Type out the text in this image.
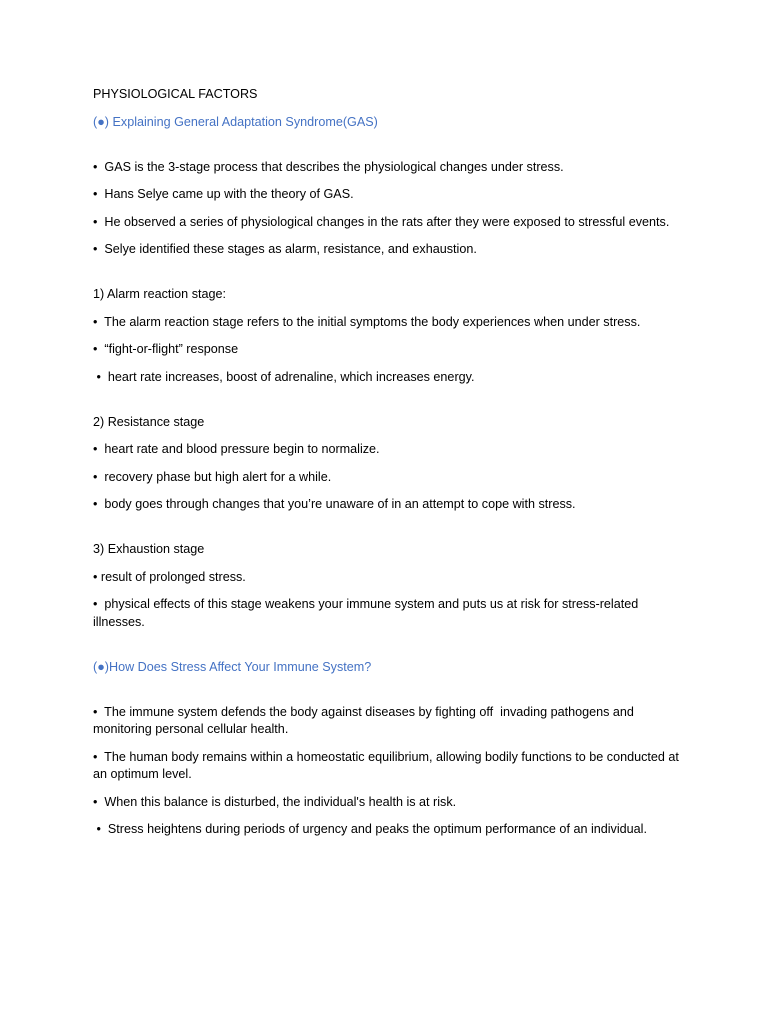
PHYSIOLOGICAL FACTORS

(●) Explaining General Adaptation Syndrome(GAS)

•  GAS is the 3-stage process that describes the physiological changes under stress.

•  Hans Selye came up with the theory of GAS.

•  He observed a series of physiological changes in the rats after they were exposed to stressful events.

•  Selye identified these stages as alarm, resistance, and exhaustion.

1) Alarm reaction stage:

•  The alarm reaction stage refers to the initial symptoms the body experiences when under stress.

•  “fight-or-flight” response

•  heart rate increases, boost of adrenaline, which increases energy.

2) Resistance stage

•  heart rate and blood pressure begin to normalize.

•  recovery phase but high alert for a while.

•  body goes through changes that you’re unaware of in an attempt to cope with stress.

3) Exhaustion stage

• result of prolonged stress.

•  physical effects of this stage weakens your immune system and puts us at risk for stress-related illnesses.

(●)How Does Stress Affect Your Immune System?

•  The immune system defends the body against diseases by fighting off  invading pathogens and monitoring personal cellular health.

•  The human body remains within a homeostatic equilibrium, allowing bodily functions to be conducted at an optimum level.

•  When this balance is disturbed, the individual's health is at risk.

•  Stress heightens during periods of urgency and peaks the optimum performance of an individual.
